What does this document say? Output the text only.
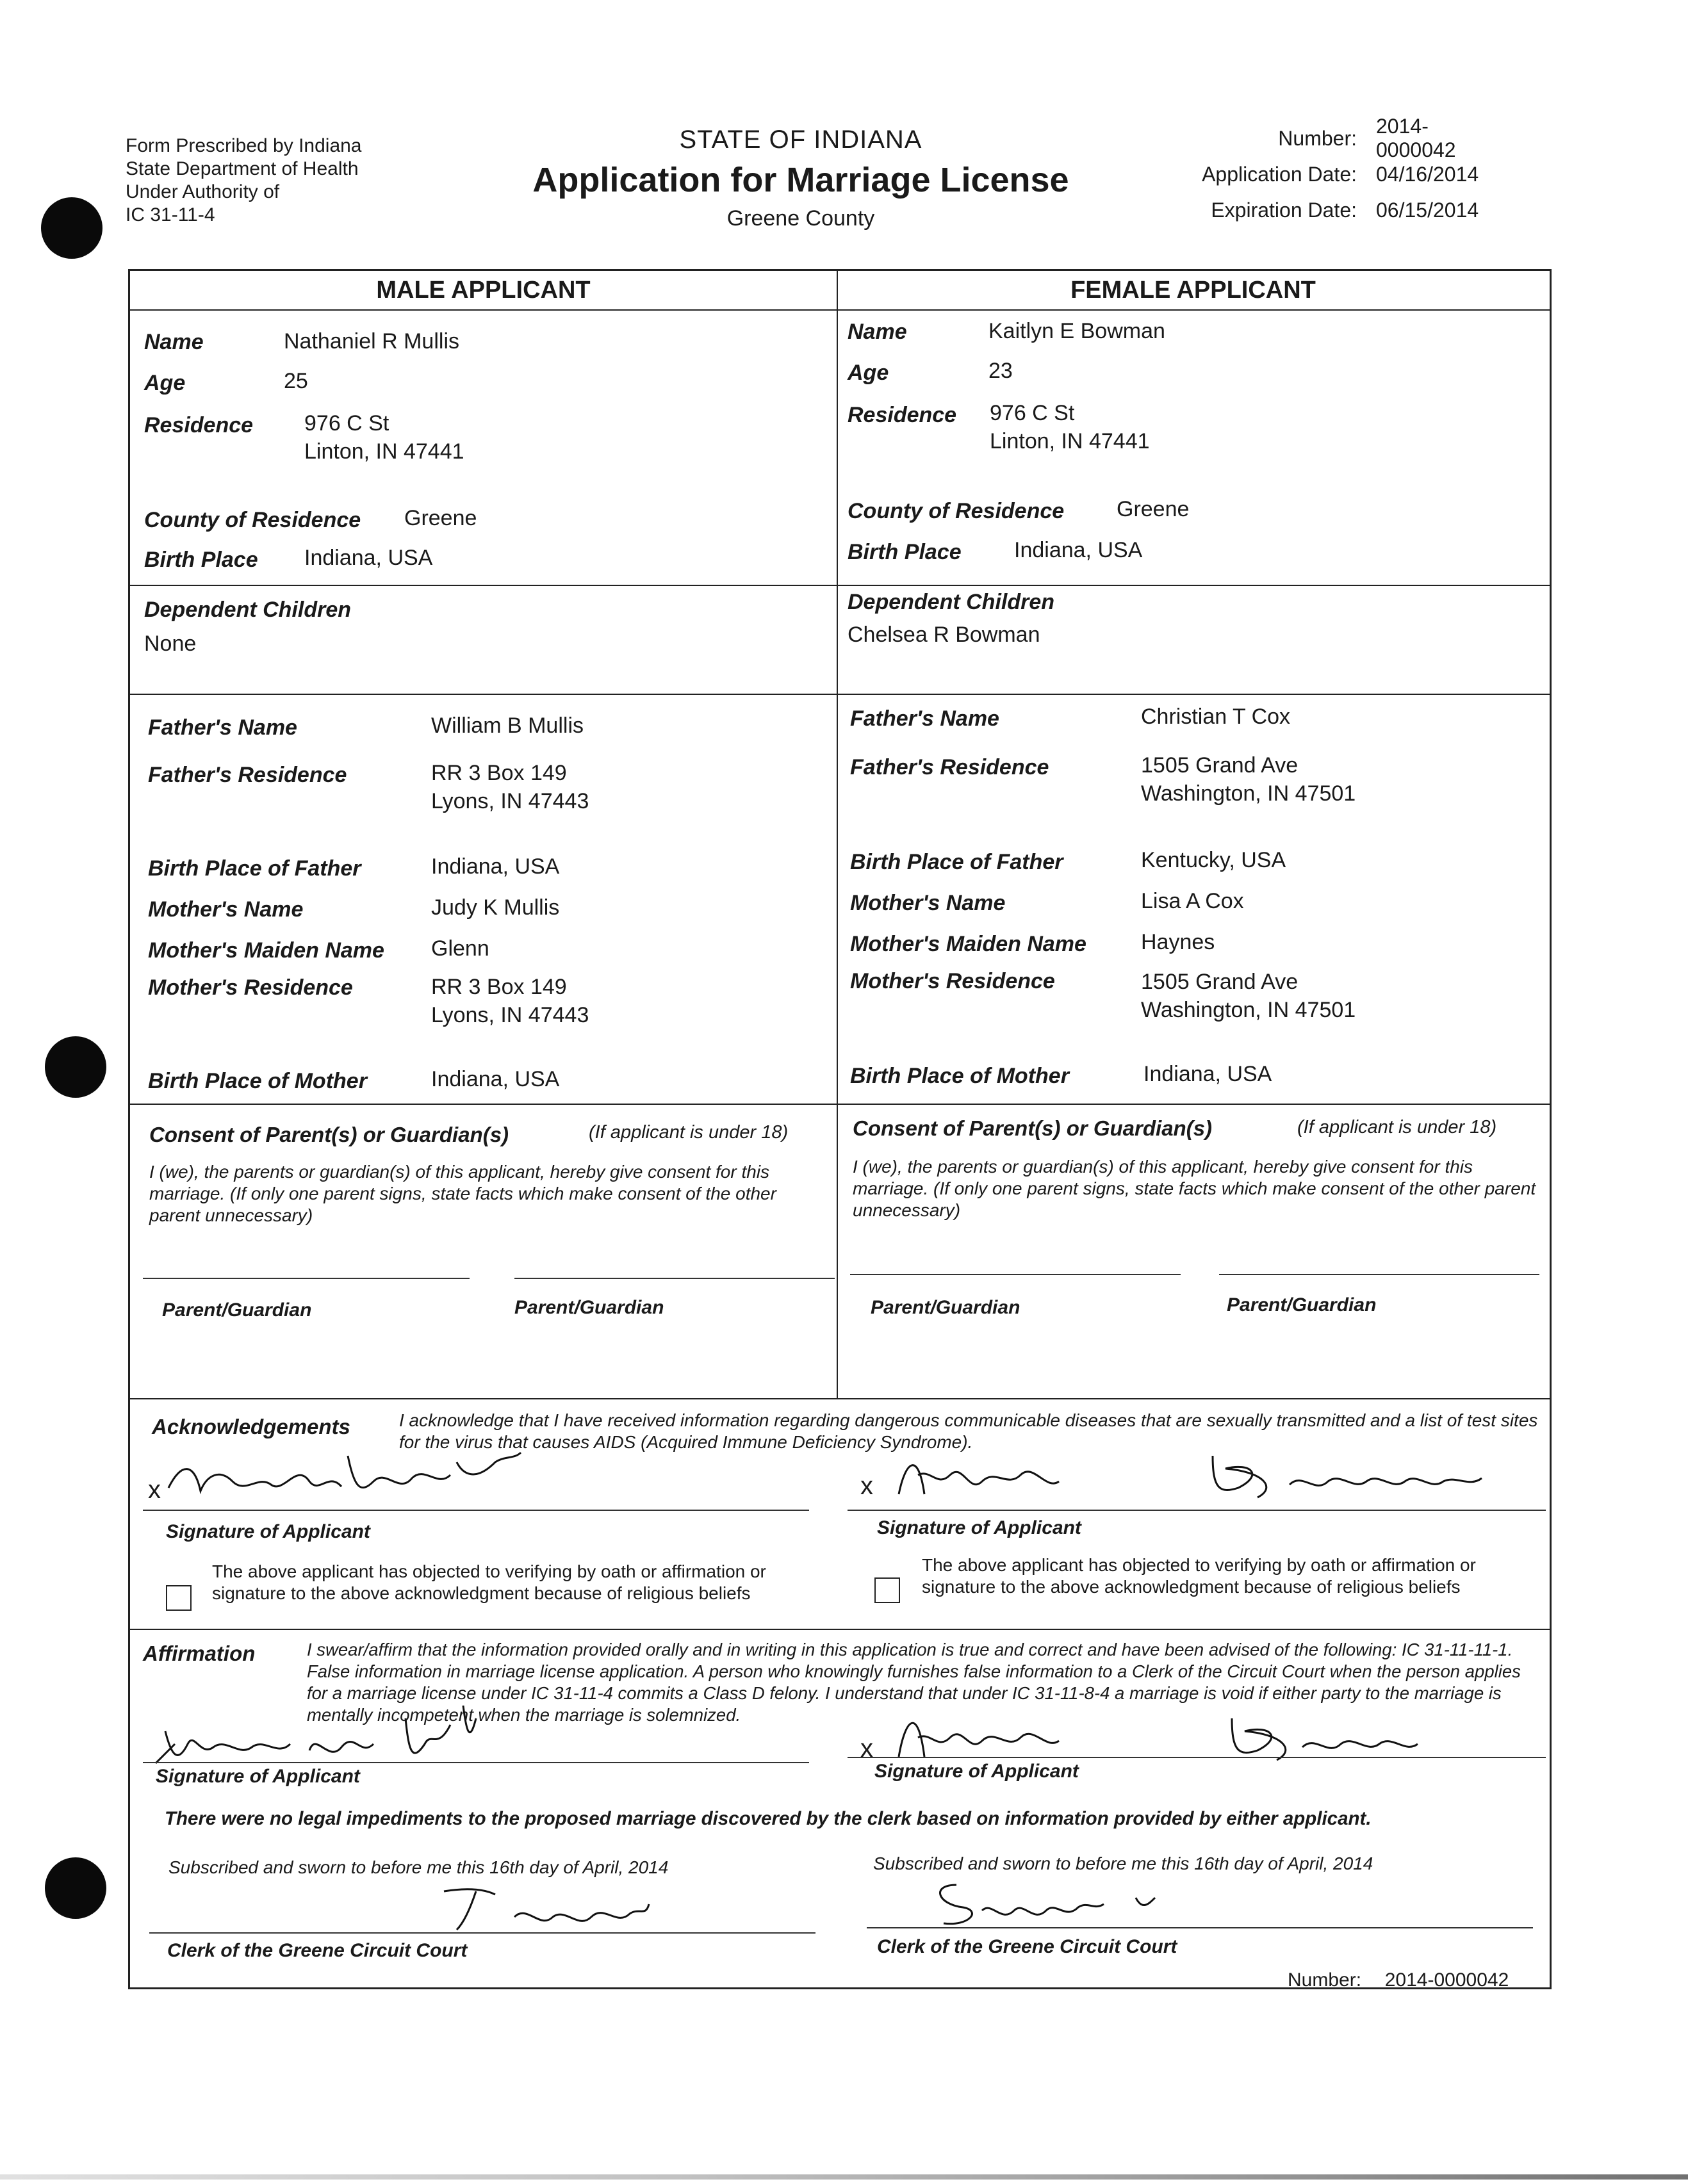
Form Prescribed by Indiana
State Department of Health
Under Authority of
IC 31-11-4
STATE OF INDIANA
Application for Marriage License
Greene County
Number:
2014-0000042
Application Date: 04/16/2014
Expiration Date: 06/15/2014
MALE APPLICANT	FEMALE APPLICANT
Name	Nathaniel R Mullis
Age	25
Residence 976 C St
Linton, IN 47441
County of Residence Greene
Birth Place Indiana, USA
Dependent Children
None
Father's Name	William B Mullis
Father's Residence	RR 3 Box 149
Lyons, IN 47443
Birth Place of Father	Indiana, USA
Mother's Name	Judy K Mullis
Mother's Maiden Name Glenn
Mother's Residence	RR 3 Box 149
Lyons, IN 47443
Birth Place of Mother	Indiana, USA
Consent of Parent(s) or Guardian(s)	(If applicant is under 18)
I (we), the parents or guardian(s) of this applicant, hereby give consent for this marriage. (If only one parent signs, state facts which make consent of the other parent unnecessary)
Parent/Guardian	Parent/Guardian
Name	Kaitlyn E Bowman
Age	23
Residence 976 C St
Linton, IN 47441
County of Residence Greene
Birth Place Indiana, USA
Dependent Children
Chelsea R Bowman
Father's Name	Christian T Cox
Father's Residence	1505 Grand Ave
Washington, IN 47501
Birth Place of Father	Kentucky, USA
Mother's Name	Lisa A Cox
Mother's Maiden Name	Haynes
Mother's Residence	1505 Grand Ave
Washington, IN 47501
Birth Place of Mother	Indiana, USA
Consent of Parent(s) or Guardian(s)	(If applicant is under 18)
I (we), the parents or guardian(s) of this applicant, hereby give consent for this marriage. (If only one parent signs, state facts which make consent of the other parent unnecessary)
Parent/Guardian	Parent/Guardian
Acknowledgements	I acknowledge that I have received information regarding dangerous communicable diseases that are sexually transmitted and a list of test sites for the virus that causes AIDS (Acquired Immune Deficiency Syndrome).
x
Signature of Applicant
The above applicant has objected to verifying by oath or affirmation or signature to the above acknowledgment because of religious beliefs
x
Signature of Applicant
The above applicant has objected to verifying by oath or affirmation or signature to the above acknowledgment because of religious beliefs
Affirmation	I swear/affirm that the information provided orally and in writing in this application is true and correct and have been advised of the following: IC 31-11-11-1. False information in marriage license application. A person who knowingly furnishes false information to a Clerk of the Circuit Court when the person applies for a marriage license under IC 31-11-4 commits a Class D felony. I understand that under IC 31-11-8-4 a marriage is void if either party to the marriage is mentally incompetent when the marriage is solemnized.
Signature of Applicant
x
Signature of Applicant
There were no legal impediments to the proposed marriage discovered by the clerk based on information provided by either applicant.
Subscribed and sworn to before me this 16th day of April, 2014
Clerk of the Greene Circuit Court
Subscribed and sworn to before me this 16th day of April, 2014
Clerk of the Greene Circuit Court
Number: 2014-0000042
